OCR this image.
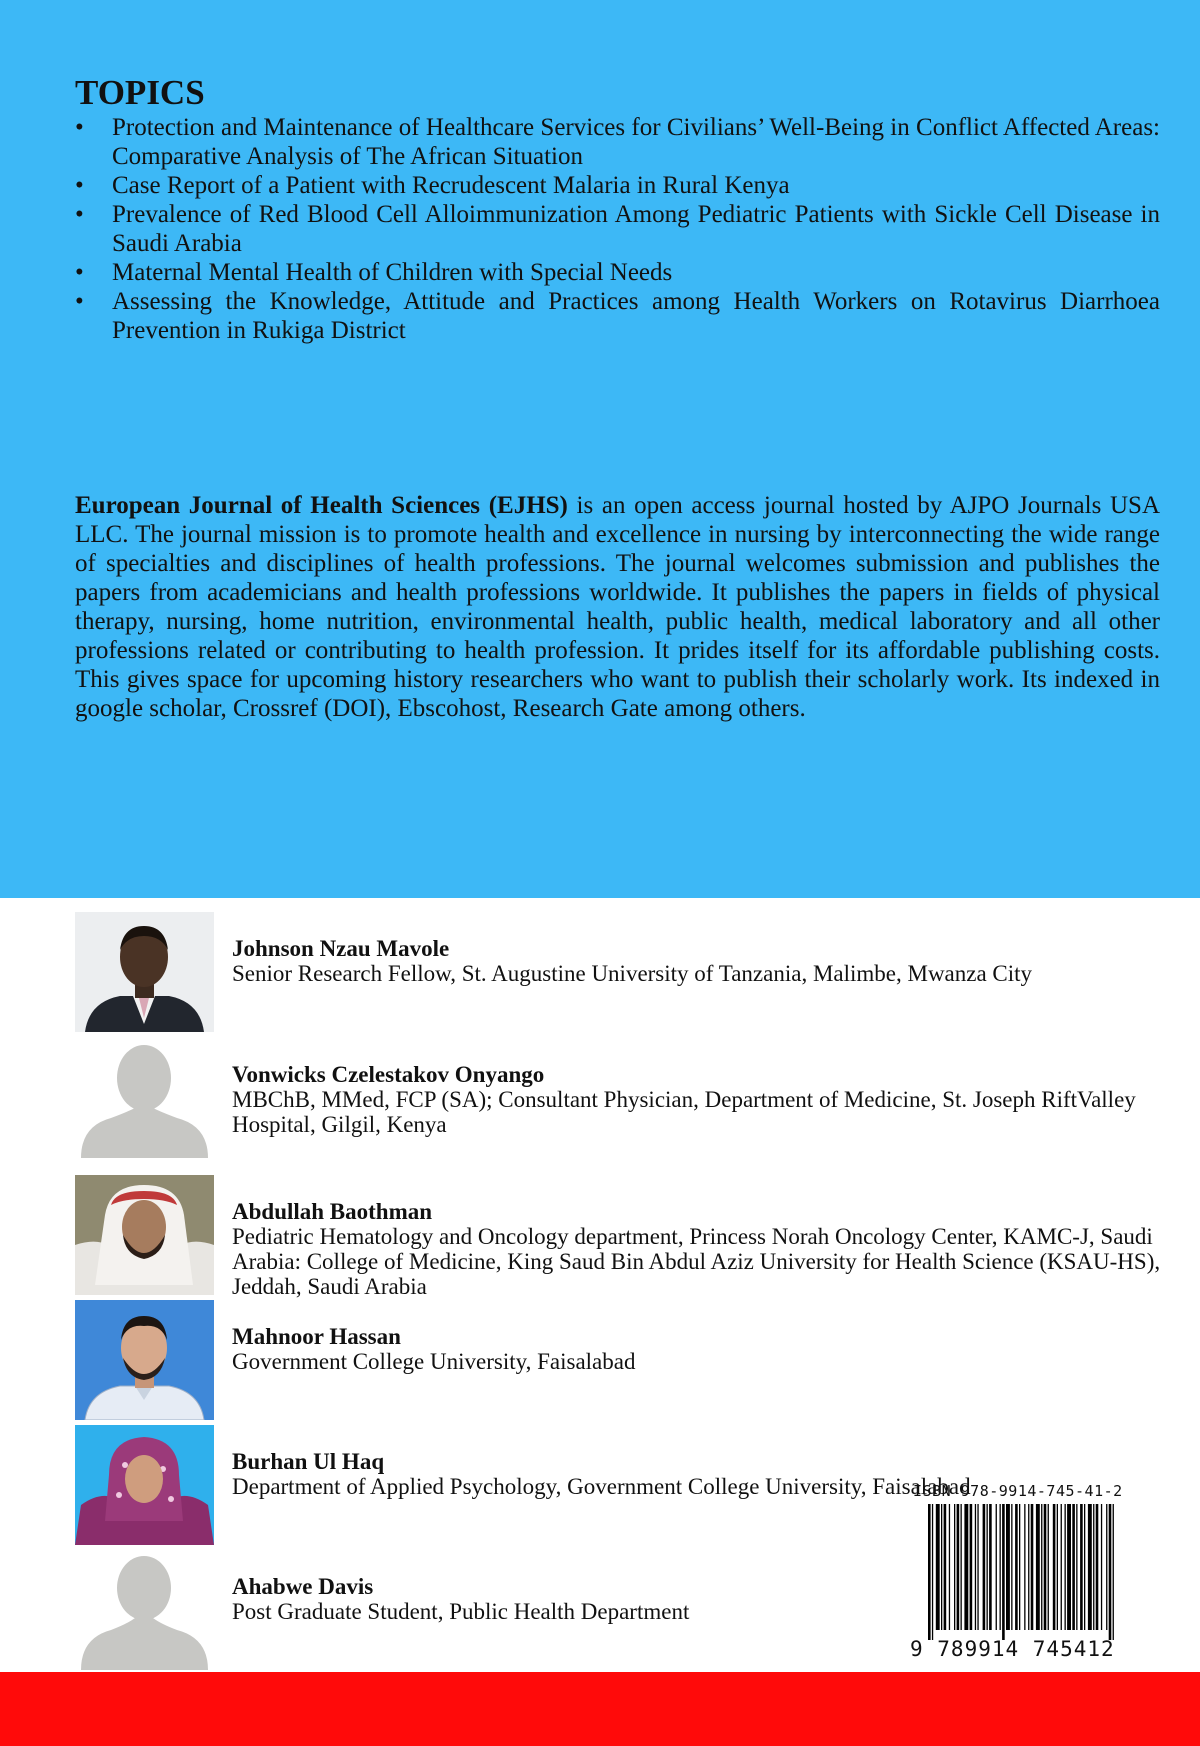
TOPICS
• Protection and Maintenance of Healthcare Services for Civilians’ Well-Being in Conflict Affected Areas: Comparative Analysis of The African Situation
• Case Report of a Patient with Recrudescent Malaria in Rural Kenya
• Prevalence of Red Blood Cell Alloimmunization Among Pediatric Patients with Sickle Cell Disease in Saudi Arabia
• Maternal Mental Health of Children with Special Needs
• Assessing the Knowledge, Attitude and Practices among Health Workers on Rotavirus Diarrhoea Prevention in Rukiga District

European Journal of Health Sciences (EJHS) is an open access journal hosted by AJPO Journals USA LLC. The journal mission is to promote health and excellence in nursing by interconnecting the wide range of specialties and disciplines of health professions. The journal welcomes submission and publishes the papers from academicians and health professions worldwide. It publishes the papers in fields of physical therapy, nursing, home nutrition, environmental health, public health, medical laboratory and all other professions related or contributing to health profession. It prides itself for its affordable publishing costs. This gives space for upcoming history researchers who want to publish their scholarly work. Its indexed in google scholar, Crossref (DOI), Ebscohost, Research Gate among others.

Johnson Nzau Mavole
Senior Research Fellow, St. Augustine University of Tanzania, Malimbe, Mwanza City
Vonwicks Czelestakov Onyango
MBChB, MMed, FCP (SA); Consultant Physician, Department of Medicine, St. Joseph RiftValley Hospital, Gilgil, Kenya
Abdullah Baothman
Pediatric Hematology and Oncology department, Princess Norah Oncology Center, KAMC-J, Saudi Arabia: College of Medicine, King Saud Bin Abdul Aziz University for Health Science (KSAU-HS), Jeddah, Saudi Arabia
Mahnoor Hassan
Government College University, Faisalabad
Burhan Ul Haq
Department of Applied Psychology, Government College University, Faisalabad
Ahabwe Davis
Post Graduate Student, Public Health Department
ISBN 978-9914-745-41-2
9 789914 745412
